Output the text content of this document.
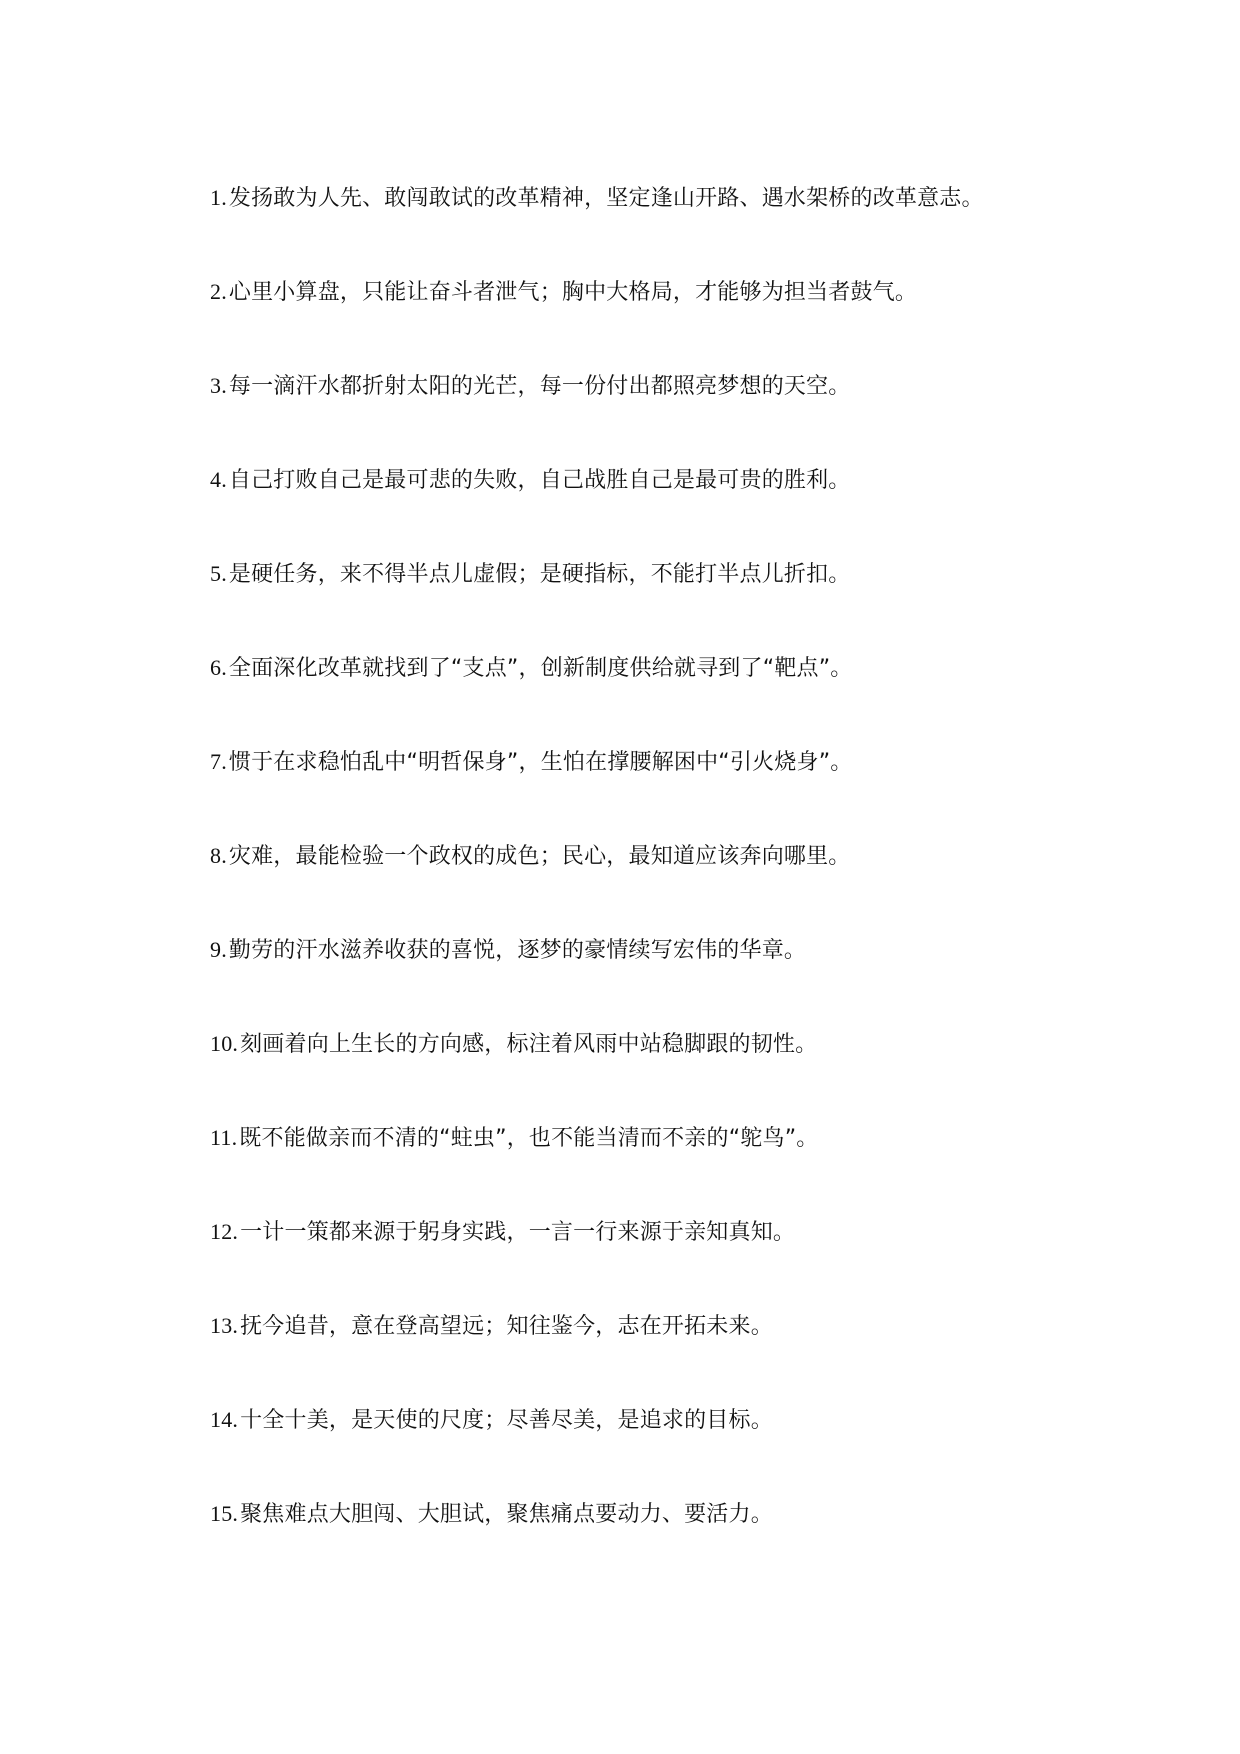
1.发扬敢为人先、敢闯敢试的改革精神，坚定逢山开路、遇水架桥的改革意志。
2.心里小算盘，只能让奋斗者泄气；胸中大格局，才能够为担当者鼓气。
3.每一滴汗水都折射太阳的光芒，每一份付出都照亮梦想的天空。
4.自己打败自己是最可悲的失败，自己战胜自己是最可贵的胜利。
5.是硬任务，来不得半点儿虚假；是硬指标，不能打半点儿折扣。
6.全面深化改革就找到了“支点”，创新制度供给就寻到了“靶点”。
7.惯于在求稳怕乱中“明哲保身”，生怕在撑腰解困中“引火烧身”。
8.灾难，最能检验一个政权的成色；民心，最知道应该奔向哪里。
9.勤劳的汗水滋养收获的喜悦，逐梦的豪情续写宏伟的华章。
10.刻画着向上生长的方向感，标注着风雨中站稳脚跟的韧性。
11.既不能做亲而不清的“蛀虫”，也不能当清而不亲的“鸵鸟”。
12.一计一策都来源于躬身实践，一言一行来源于亲知真知。
13.抚今追昔，意在登高望远；知往鉴今，志在开拓未来。
14.十全十美，是天使的尺度；尽善尽美，是追求的目标。
15.聚焦难点大胆闯、大胆试，聚焦痛点要动力、要活力。
